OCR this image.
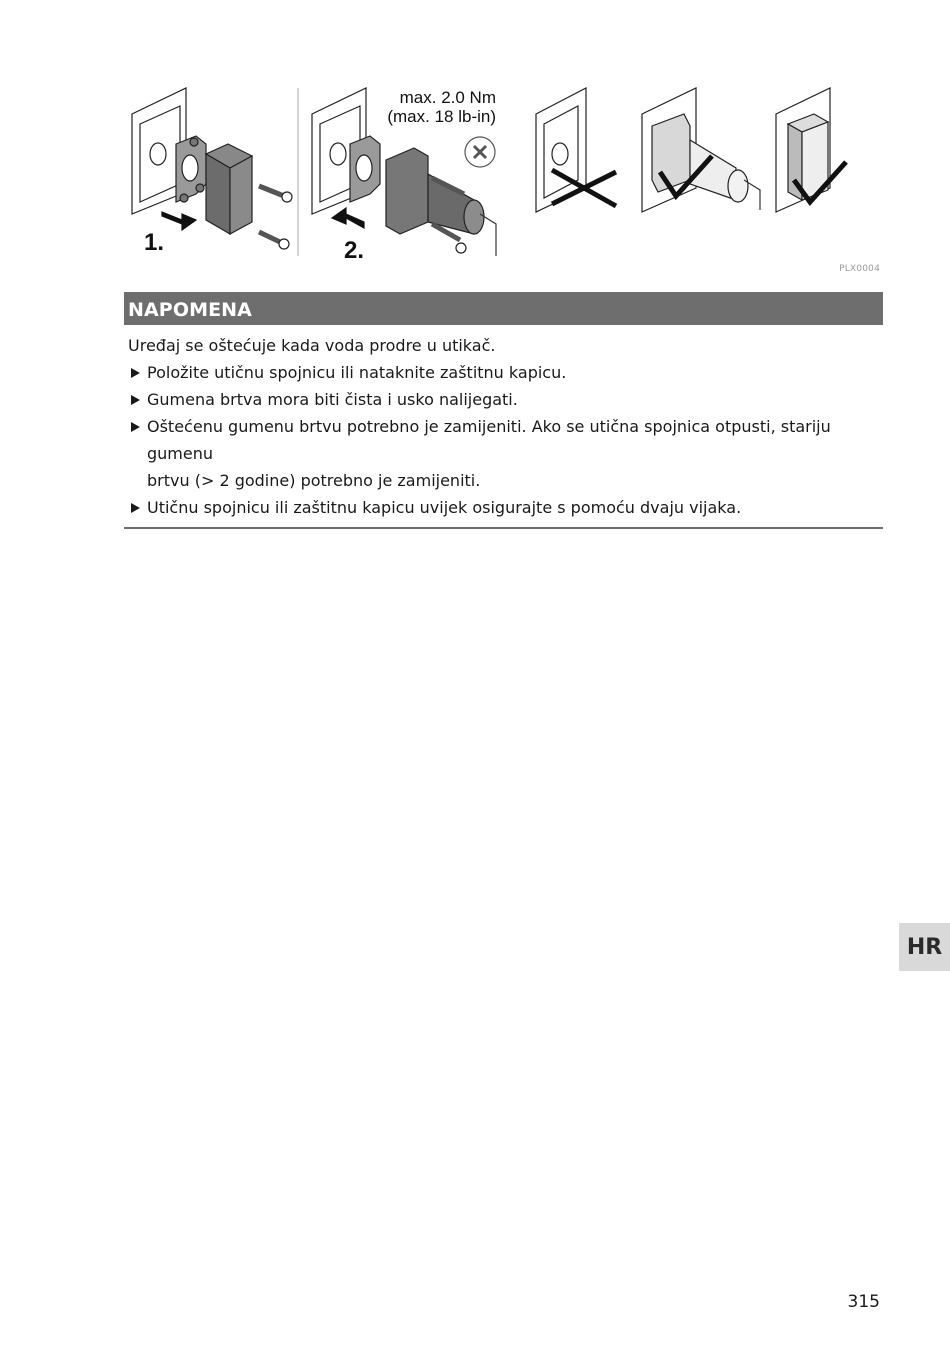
1.
max. 2.0 Nm
(max. 18 lb-in)
2.
PLX0004
NAPOMENA
Uređaj se oštećuje kada voda prodre u utikač.
Položite utičnu spojnicu ili nataknite zaštitnu kapicu.
Gumena brtva mora biti čista i usko nalijegati.
Oštećenu gumenu brtvu potrebno je zamijeniti. Ako se utična spojnica otpusti, stariju gumenu
brtvu (> 2 godine) potrebno je zamijeniti.
Utičnu spojnicu ili zaštitnu kapicu uvijek osigurajte s pomoću dvaju vijaka.
HR
315
